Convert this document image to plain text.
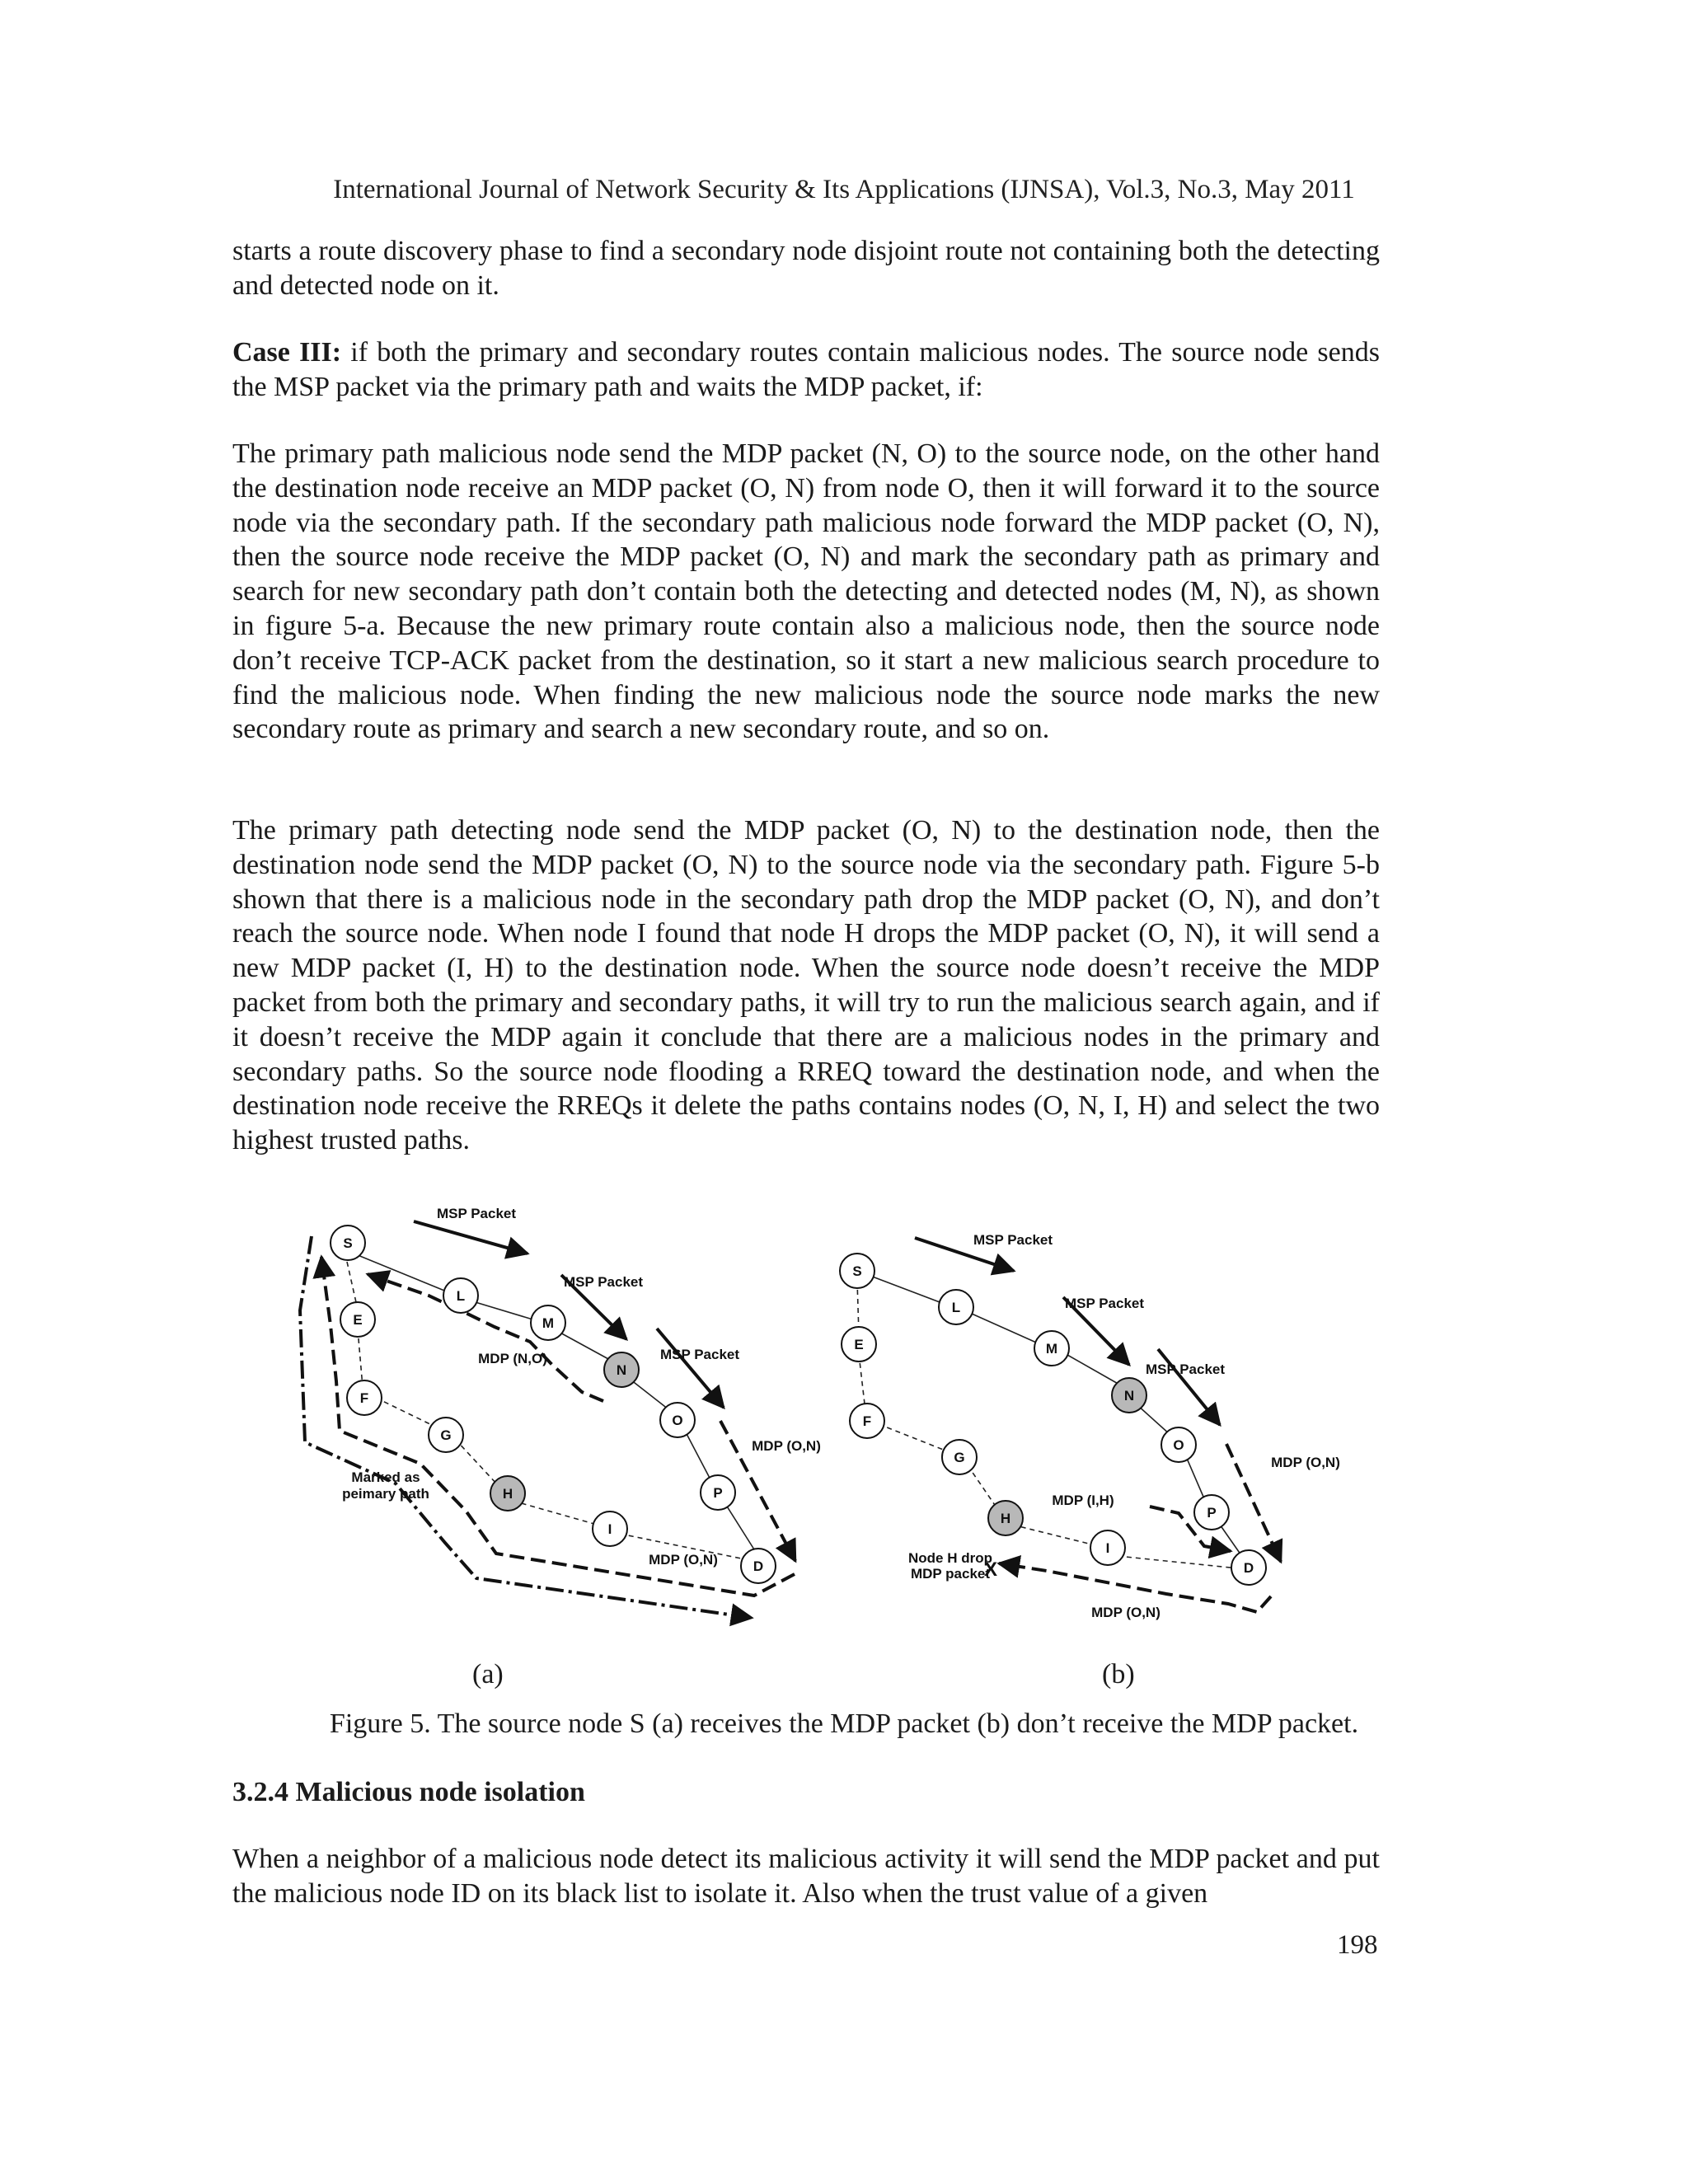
International Journal of Network Security & Its Applications (IJNSA), Vol.3, No.3, May 2011

starts a route discovery phase to find a secondary node disjoint route not containing both the detecting and detected node on it.

Case III: if both the primary and secondary routes contain malicious nodes. The source node sends the MSP packet via the primary path and waits the MDP packet, if:

The primary path malicious node send the MDP packet (N, O) to the source node, on the other hand the destination node receive an MDP packet (O, N) from node O, then it will forward it to the source node via the secondary path. If the secondary path malicious node forward the MDP packet (O, N), then the source node receive the MDP packet (O, N) and mark the secondary path as primary and search for new secondary path don’t contain both the detecting and detected nodes (M, N), as shown in figure 5-a. Because the new primary route contain also a malicious node, then the source node don’t receive TCP-ACK packet from the destination, so it start a new malicious search procedure to find the malicious node. When finding the new malicious node the source node marks the new secondary route as primary and search a new secondary route, and so on.

The primary path detecting node send the MDP packet (O, N) to the destination node, then the destination node send the MDP packet (O, N) to the source node via the secondary path. Figure 5-b shown that there is a malicious node in the secondary path drop the MDP packet (O, N), and don’t reach the source node. When node I found that node H drops the MDP packet (O, N), it will send a new MDP packet (I, H) to the destination node. When the source node doesn’t receive the MDP packet from both the primary and secondary paths, it will try to run the malicious search again, and if it doesn’t receive the MDP again it conclude that there are a malicious nodes in the primary and secondary paths. So the source node flooding a RREQ toward the destination node, and when the destination node receive the RREQs it delete the paths contains nodes (O, N, I, H) and select the two highest trusted paths.

S
L
M
N
O
P
D
E
F
G
H
I
MSP Packet
MSP Packet
MSP Packet
MDP (N,O)
MDP (O,N)
MDP (O,N)
Marked as
peimary path
S
L
M
N
O
P
D
E
F
G
H
I
MSP Packet
MSP Packet
MSP Packet
MDP (O,N)
MDP (I,H)
Node H drop
MDP packet
X
MDP (O,N)
(a)	(b)
Figure 5. The source node S (a) receives the MDP packet (b) don’t receive the MDP packet.
3.2.4 Malicious node isolation

When a neighbor of a malicious node detect its malicious activity it will send the MDP packet and put the malicious node ID on its black list to isolate it. Also when the trust value of a given

198
